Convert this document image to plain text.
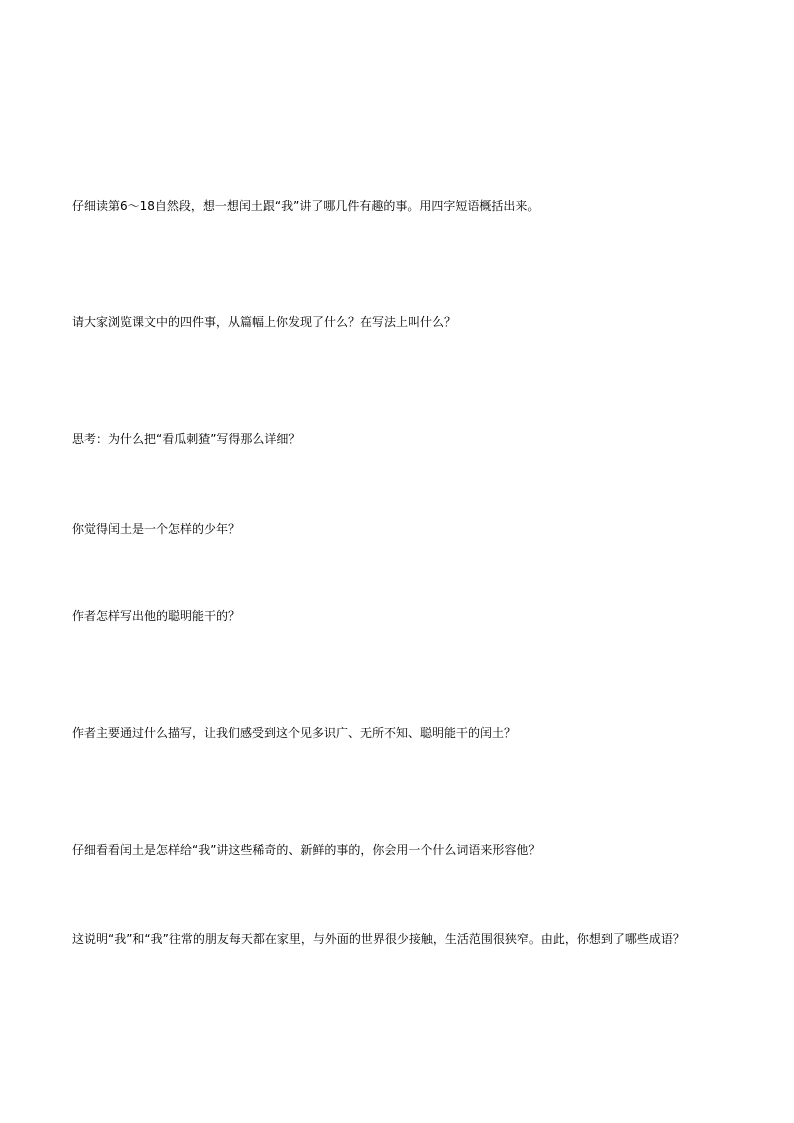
仔细读第6～18自然段，想一想闰土跟“我”讲了哪几件有趣的事。用四字短语概括出来。

请大家浏览课文中的四件事，从篇幅上你发现了什么？在写法上叫什么？

思考：为什么把“看瓜刺猹”写得那么详细？

你觉得闰土是一个怎样的少年？

作者怎样写出他的聪明能干的？

作者主要通过什么描写，让我们感受到这个见多识广、无所不知、聪明能干的闰土？

仔细看看闰土是怎样给“我”讲这些稀奇的、新鲜的事的，你会用一个什么词语来形容他？

这说明“我”和“我”往常的朋友每天都在家里，与外面的世界很少接触，生活范围很狭窄。由此，你想到了哪些成语？
